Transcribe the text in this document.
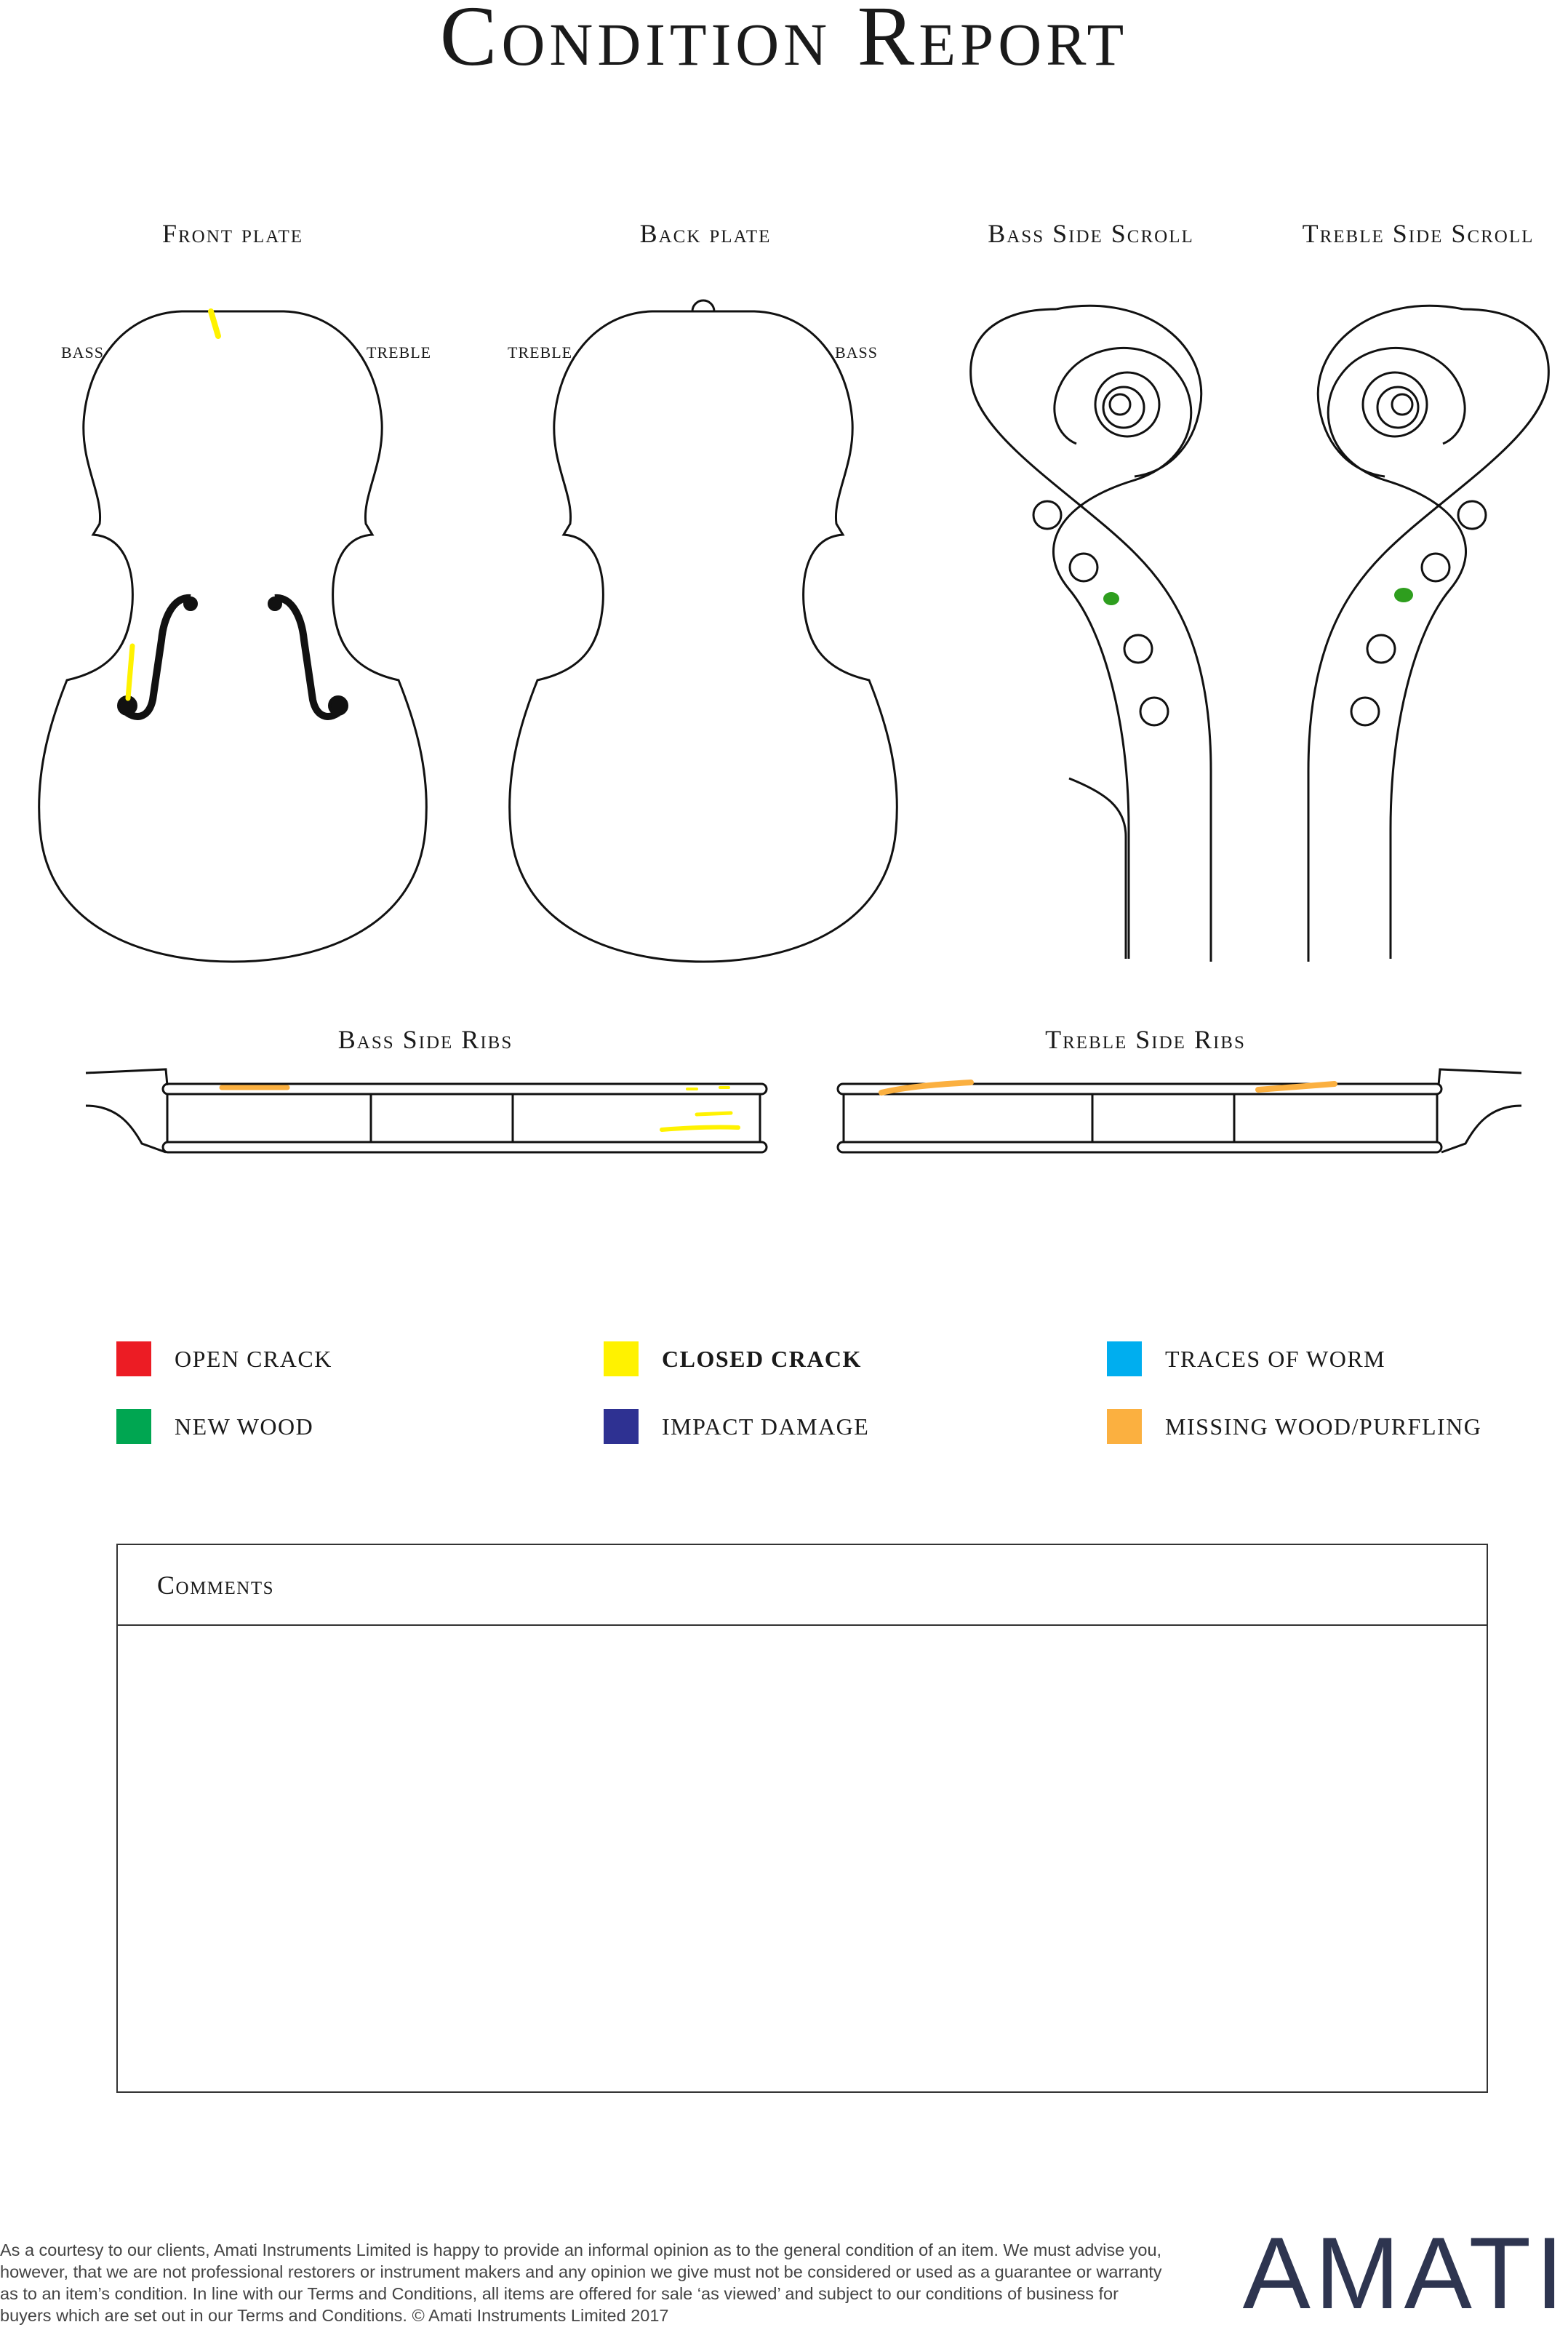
Condition Report
Front plate	Back plate	Bass Side Scroll	Treble Side Scroll
Bass Side Ribs	Treble Side Ribs
BASS	TREBLE	TREBLE	BASS
OPEN CRACK	CLOSED CRACK	TRACES OF WORM
NEW WOOD	IMPACT DAMAGE	MISSING WOOD/PURFLING
Comments
As a courtesy to our clients, Amati Instruments Limited is happy to provide an informal opinion as to the general condition of an item. We must advise you, however, that we are not professional restorers or instrument makers and any opinion we give must not be considered or used as a guarantee or warranty as to an item’s condition. In line with our Terms and Conditions, all items are offered for sale ‘as viewed’ and subject to our conditions of business for buyers which are set out in our Terms and Conditions. © Amati Instruments Limited 2017	AMATI
